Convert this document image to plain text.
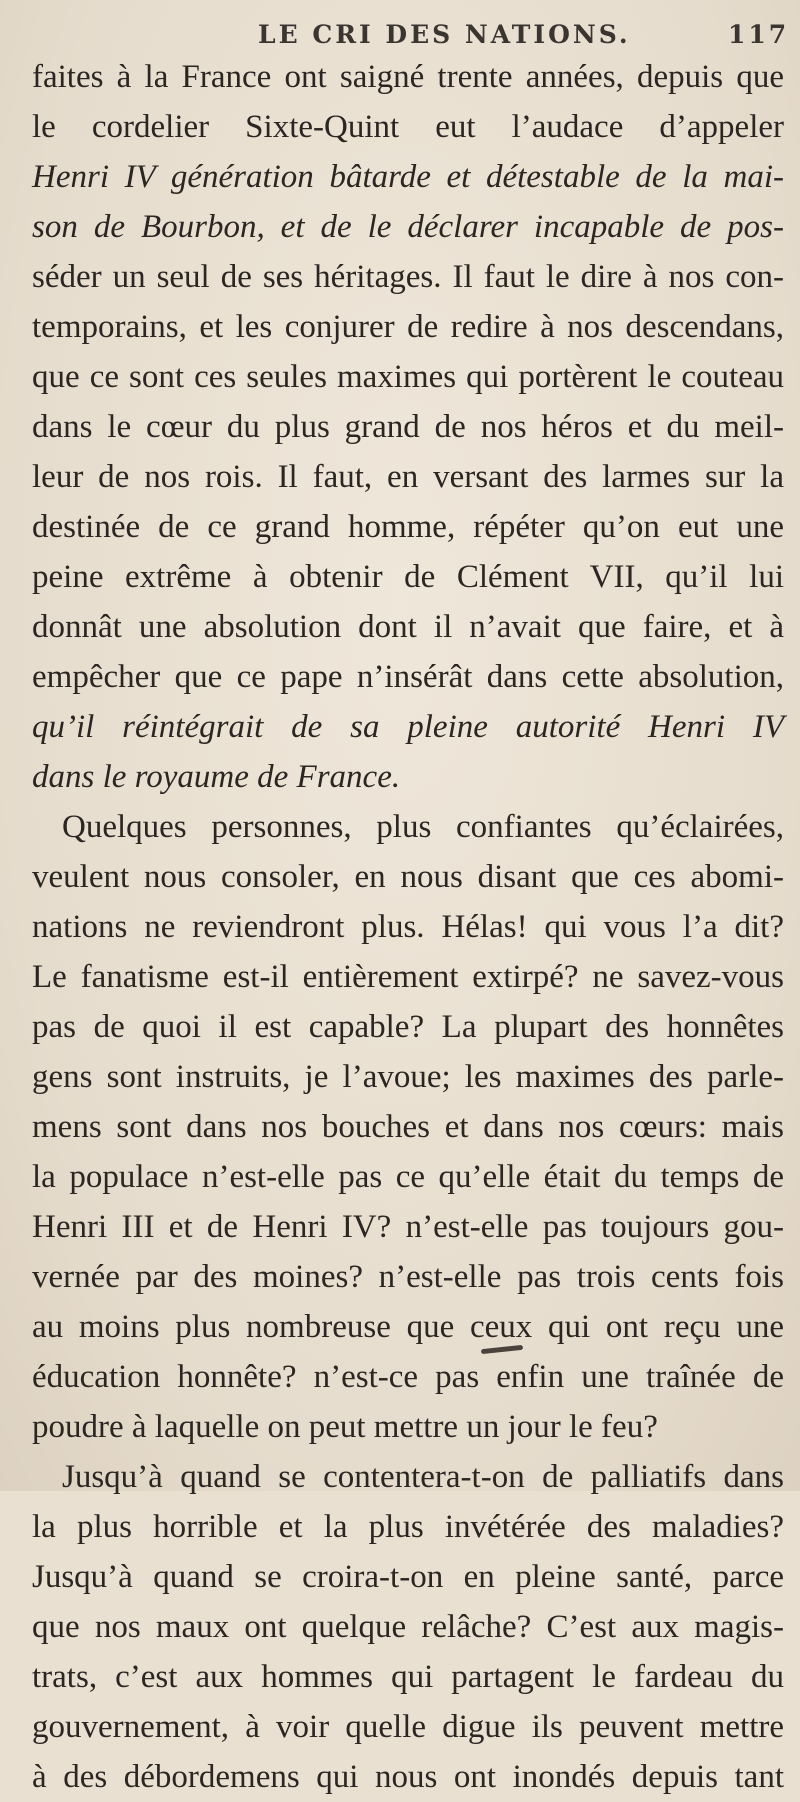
LE CRI DES NATIONS.	117
faites à la France ont saigné trente années, depuis que
le cordelier Sixte-Quint eut l’audace d’appeler
Henri IV génération bâtarde et détestable de la mai-
son de Bourbon, et de le déclarer incapable de pos-
séder un seul de ses héritages. Il faut le dire à nos con-
temporains, et les conjurer de redire à nos descendans,
que ce sont ces seules maximes qui portèrent le couteau
dans le cœur du plus grand de nos héros et du meil-
leur de nos rois. Il faut, en versant des larmes sur la
destinée de ce grand homme, répéter qu’on eut une
peine extrême à obtenir de Clément VII, qu’il lui
donnât une absolution dont il n’avait que faire, et à
empêcher que ce pape n’insérât dans cette absolution,
qu’il réintégrait de sa pleine autorité Henri IV
dans le royaume de France.
Quelques personnes, plus confiantes qu’éclairées,
veulent nous consoler, en nous disant que ces abomi-
nations ne reviendront plus. Hélas! qui vous l’a dit?
Le fanatisme est-il entièrement extirpé? ne savez-vous
pas de quoi il est capable? La plupart des honnêtes
gens sont instruits, je l’avoue; les maximes des parle-
mens sont dans nos bouches et dans nos cœurs: mais
la populace n’est-elle pas ce qu’elle était du temps de
Henri III et de Henri IV? n’est-elle pas toujours gou-
vernée par des moines? n’est-elle pas trois cents fois
au moins plus nombreuse que ceux qui ont reçu une
éducation honnête? n’est-ce pas enfin une traînée de
poudre à laquelle on peut mettre un jour le feu?
Jusqu’à quand se contentera-t-on de palliatifs dans
la plus horrible et la plus invétérée des maladies?
Jusqu’à quand se croira-t-on en pleine santé, parce
que nos maux ont quelque relâche? C’est aux magis-
trats, c’est aux hommes qui partagent le fardeau du
gouvernement, à voir quelle digue ils peuvent mettre
à des débordemens qui nous ont inondés depuis tant
